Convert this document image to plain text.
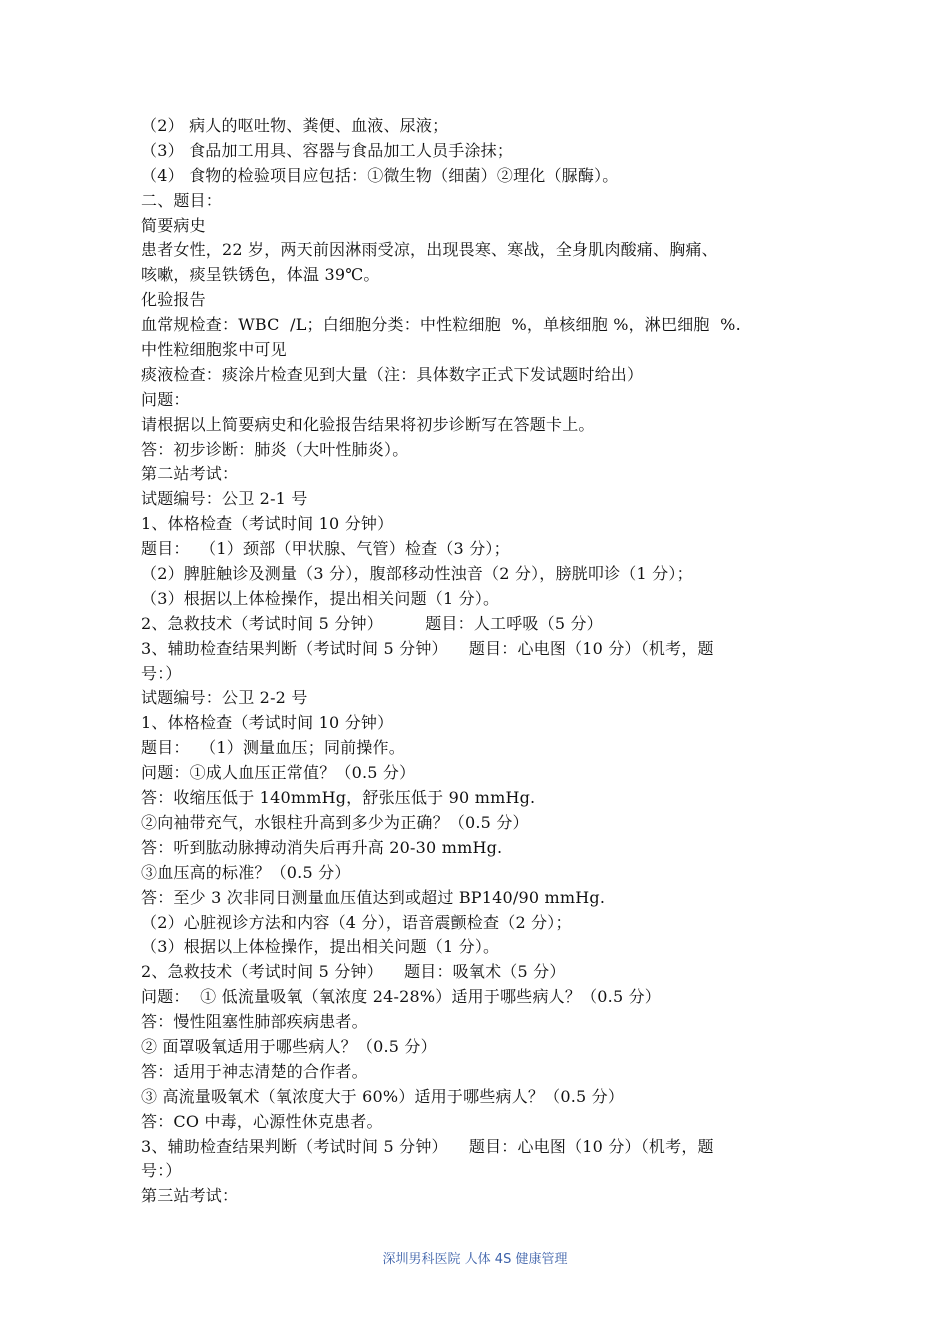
（2） 病人的呕吐物、粪便、血液、尿液；
（3） 食品加工用具、容器与食品加工人员手涂抹；
（4） 食物的检验项目应包括：①微生物（细菌）②理化（脲酶）。
二、题目：
简要病史
患者女性，22 岁，两天前因淋雨受凉，出现畏寒、寒战，全身肌肉酸痛、胸痛、
咳嗽，痰呈铁锈色，体温 39℃。
化验报告
血常规检查：WBC  /L；白细胞分类：中性粒细胞  %，单核细胞 %，淋巴细胞  %.
中性粒细胞浆中可见
痰液检查：痰涂片检查见到大量（注：具体数字正式下发试题时给出）
问题：
请根据以上简要病史和化验报告结果将初步诊断写在答题卡上。
答：初步诊断：肺炎（大叶性肺炎）。
第二站考试：
试题编号：公卫 2-1 号
1、体格检查（考试时间 10 分钟）
题目：  （1）颈部（甲状腺、气管）检查（3 分）；
（2）脾脏触诊及测量（3 分），腹部移动性浊音（2 分），膀胱叩诊（1 分）；
（3）根据以上体检操作，提出相关问题（1 分）。
2、急救技术（考试时间 5 分钟）        题目：人工呼吸（5 分）
3、辅助检查结果判断（考试时间 5 分钟）    题目：心电图（10 分）（机考，题
号：）
试题编号：公卫 2-2 号
1、体格检查（考试时间 10 分钟）
题目：  （1）测量血压；同前操作。
问题：①成人血压正常值？（0.5 分）
答：收缩压低于 140mmHg，舒张压低于 90 mmHg.
②向袖带充气，水银柱升高到多少为正确？（0.5 分）
答：听到肱动脉搏动消失后再升高 20-30 mmHg.
③血压高的标准？（0.5 分）
答：至少 3 次非同日测量血压值达到或超过 BP140/90 mmHg.
（2）心脏视诊方法和内容（4 分），语音震颤检查（2 分）；
（3）根据以上体检操作，提出相关问题（1 分）。
2、急救技术（考试时间 5 分钟）    题目：吸氧术（5 分）
问题：  ① 低流量吸氧（氧浓度 24-28%）适用于哪些病人？（0.5 分）
答：慢性阻塞性肺部疾病患者。
② 面罩吸氧适用于哪些病人？（0.5 分）
答：适用于神志清楚的合作者。
③ 高流量吸氧术（氧浓度大于 60%）适用于哪些病人？（0.5 分）
答：CO 中毒，心源性休克患者。
3、辅助检查结果判断（考试时间 5 分钟）    题目：心电图（10 分）（机考，题
号：）
第三站考试：
深圳男科医院 人体 4S 健康管理
